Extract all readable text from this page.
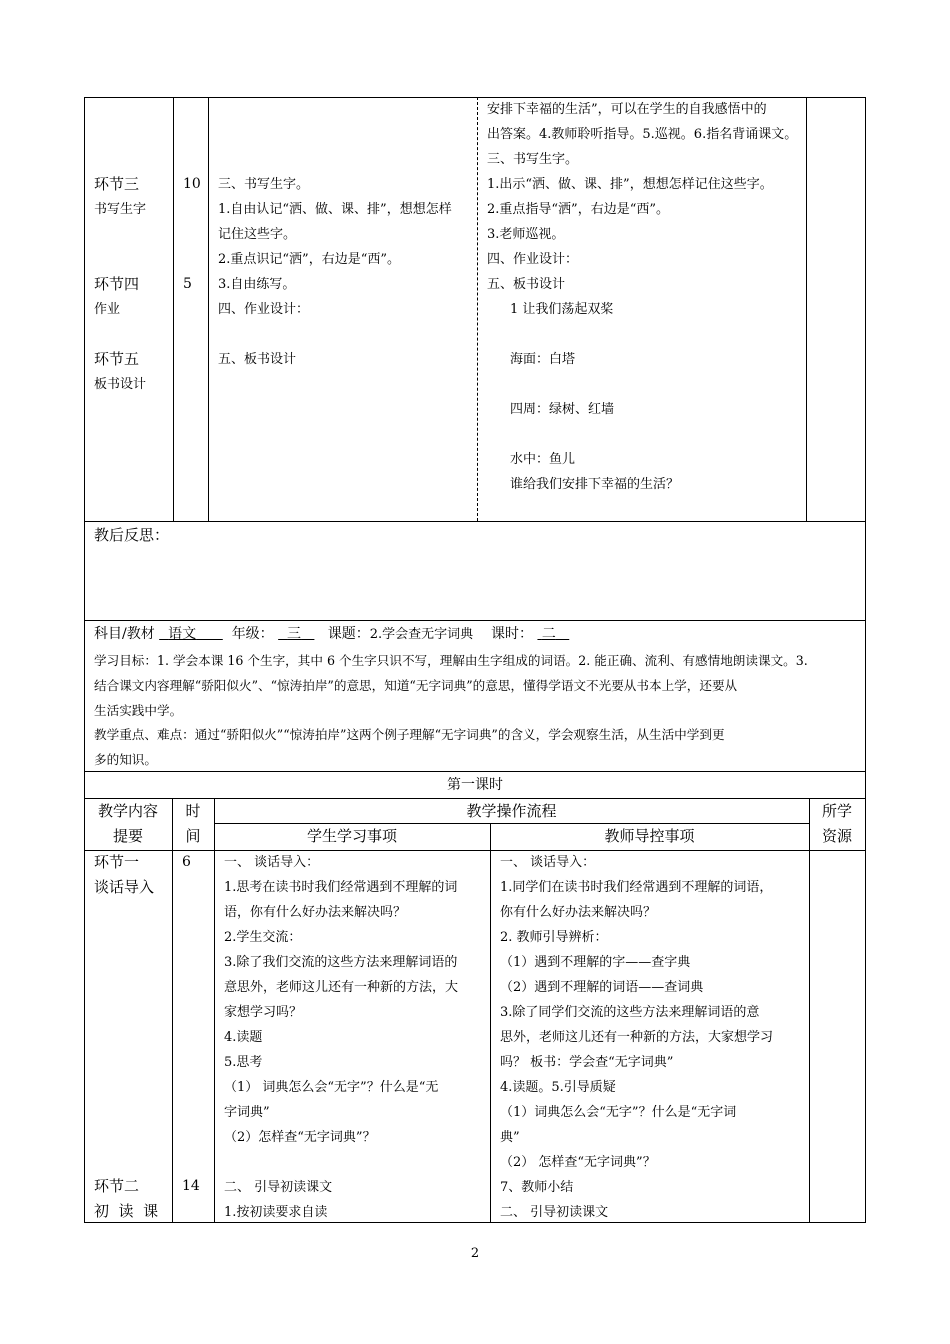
环节三
书写生字
10
环节四
作业
5
环节五
板书设计
三、书写生字。
1.自由认记“洒、做、课、排”，想想怎样
记住这些字。
2.重点识记“洒”，右边是“西”。
3.自由练写。
四、作业设计：
五、板书设计
安排下幸福的生活”，可以在学生的自我感悟中的
出答案。4.教师聆听指导。5.巡视。6.指名背诵课文。
三、书写生字。
1.出示“洒、做、课、排”，想想怎样记住这些字。
2.重点指导“洒”，右边是“西”。
3.老师巡视。
四、作业设计：
五、板书设计
1 让我们荡起双桨
海面：白塔
四周：绿树、红墙
水中：鱼儿
谁给我们安排下幸福的生活？
教后反思：
科目/教材 语文	年级： 三 课题：2.学会查无字词典 课时： 二
学习目标：1. 学会本课 16 个生字，其中 6 个生字只识不写，理解由生字组成的词语。2. 能正确、流利、有感情地朗读课文。3.
结合课文内容理解“骄阳似火”、“惊涛拍岸”的意思，知道“无字词典”的意思，懂得学语文不光要从书本上学，还要从
生活实践中学。
教学重点、难点：通过“骄阳似火”“惊涛拍岸”这两个例子理解“无字词典”的含义，学会观察生活，从生活中学到更
多的知识。
第一课时
教学内容
提要
时
间
教学操作流程
学生学习事项	教师导控事项
所学
资源
环节一
谈话导入
6
环节二
初  读  课
14
一、 谈话导入：
1.思考在读书时我们经常遇到不理解的词
语，你有什么好办法来解决吗？
2.学生交流：
3.除了我们交流的这些方法来理解词语的
意思外，老师这儿还有一种新的方法，大
家想学习吗？
4.读题
5.思考
（1） 词典怎么会“无字”？什么是“无
字词典”
（2）怎样查“无字词典”？
二、 引导初读课文
1.按初读要求自读
一、 谈话导入：
1.同学们在读书时我们经常遇到不理解的词语，
你有什么好办法来解决吗？
2. 教师引导辨析：
（1）遇到不理解的字——查字典
（2）遇到不理解的词语——查词典
3.除了同学们交流的这些方法来理解词语的意
思外，老师这儿还有一种新的方法，大家想学习
吗？ 板书：学会查“无字词典”
4.读题。5.引导质疑
（1）词典怎么会“无字”？什么是“无字词
典”
（2） 怎样查“无字词典”？
7、教师小结
二、 引导初读课文
2
